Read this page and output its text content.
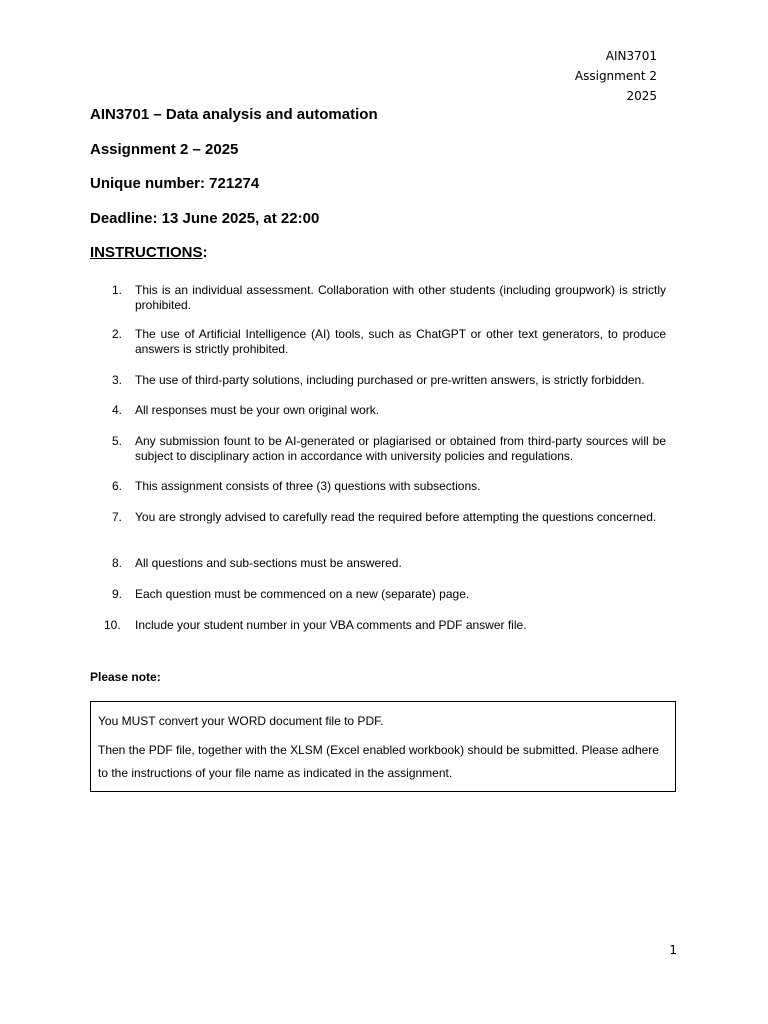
AIN3701
Assignment 2
2025
AIN3701 – Data analysis and automation
Assignment 2 – 2025
Unique number: 721274
Deadline: 13 June 2025, at 22:00
INSTRUCTIONS:
1.	This is an individual assessment. Collaboration with other students (including groupwork) is strictly prohibited.
2.	The use of Artificial Intelligence (AI) tools, such as ChatGPT or other text generators, to produce answers is strictly prohibited.
3.	The use of third-party solutions, including purchased or pre-written answers, is strictly forbidden.
4.	All responses must be your own original work.
5.	Any submission fount to be AI-generated or plagiarised or obtained from third-party sources will be subject to disciplinary action in accordance with university policies and regulations.
6.	This assignment consists of three (3) questions with subsections.
7.	You are strongly advised to carefully read the required before attempting the questions concerned.
8.	All questions and sub-sections must be answered.
9.	Each question must be commenced on a new (separate) page.
10.	Include your student number in your VBA comments and PDF answer file.
Please note:

You MUST convert your WORD document file to PDF.

Then the PDF file, together with the XLSM (Excel enabled workbook) should be submitted. Please adhere to the instructions of your file name as indicated in the assignment.

1
